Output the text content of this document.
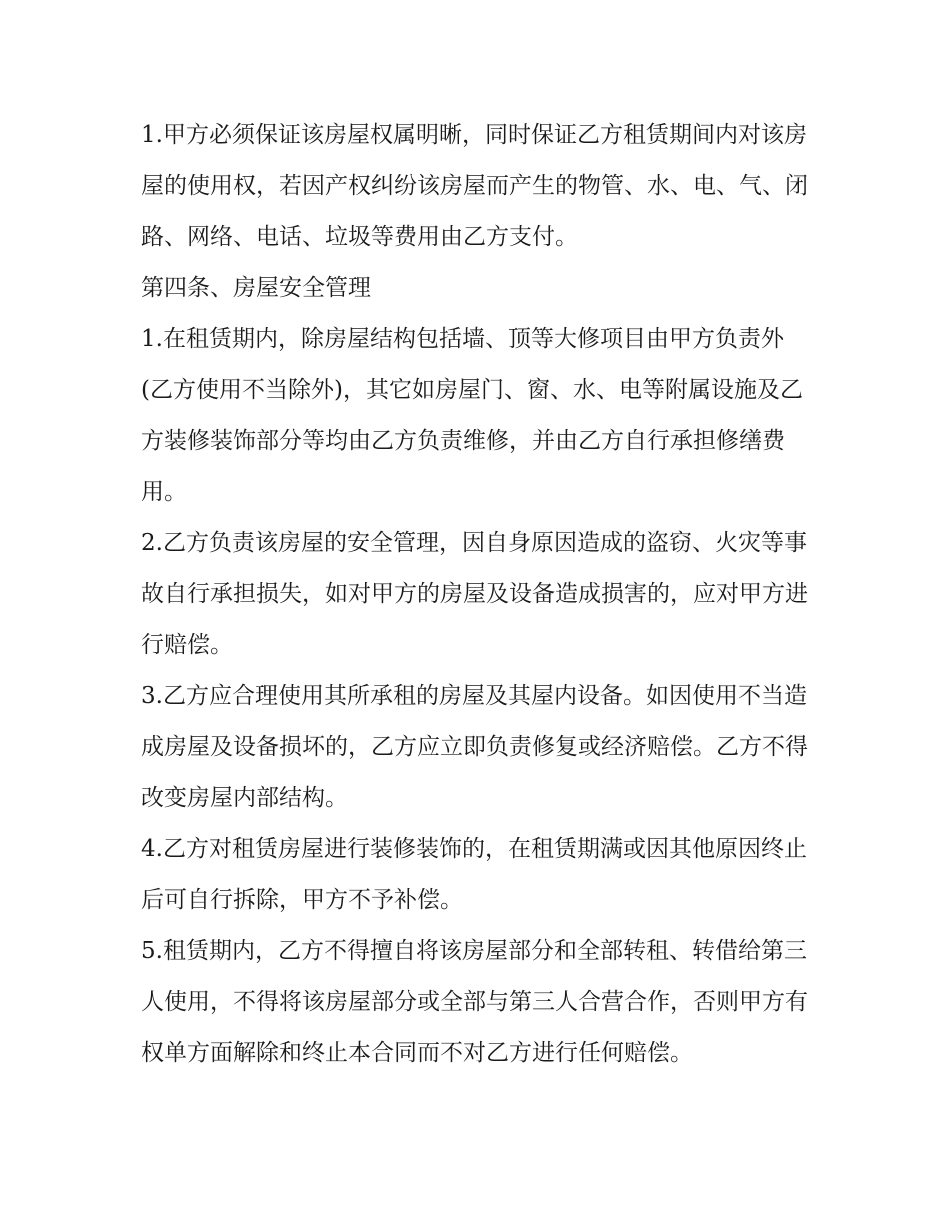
1.甲方必须保证该房屋权属明晰，同时保证乙方租赁期间内对该房屋的使用权，若因产权纠纷该房屋而产生的物管、水、电、气、闭路、网络、电话、垃圾等费用由乙方支付。

第四条、房屋安全管理

1.在租赁期内，除房屋结构包括墙、顶等大修项目由甲方负责外(乙方使用不当除外)，其它如房屋门、窗、水、电等附属设施及乙方装修装饰部分等均由乙方负责维修，并由乙方自行承担修缮费用。

2.乙方负责该房屋的安全管理，因自身原因造成的盗窃、火灾等事故自行承担损失，如对甲方的房屋及设备造成损害的，应对甲方进行赔偿。

3.乙方应合理使用其所承租的房屋及其屋内设备。如因使用不当造成房屋及设备损坏的，乙方应立即负责修复或经济赔偿。乙方不得改变房屋内部结构。

4.乙方对租赁房屋进行装修装饰的，在租赁期满或因其他原因终止后可自行拆除，甲方不予补偿。

5.租赁期内，乙方不得擅自将该房屋部分和全部转租、转借给第三人使用，不得将该房屋部分或全部与第三人合营合作，否则甲方有权单方面解除和终止本合同而不对乙方进行任何赔偿。
